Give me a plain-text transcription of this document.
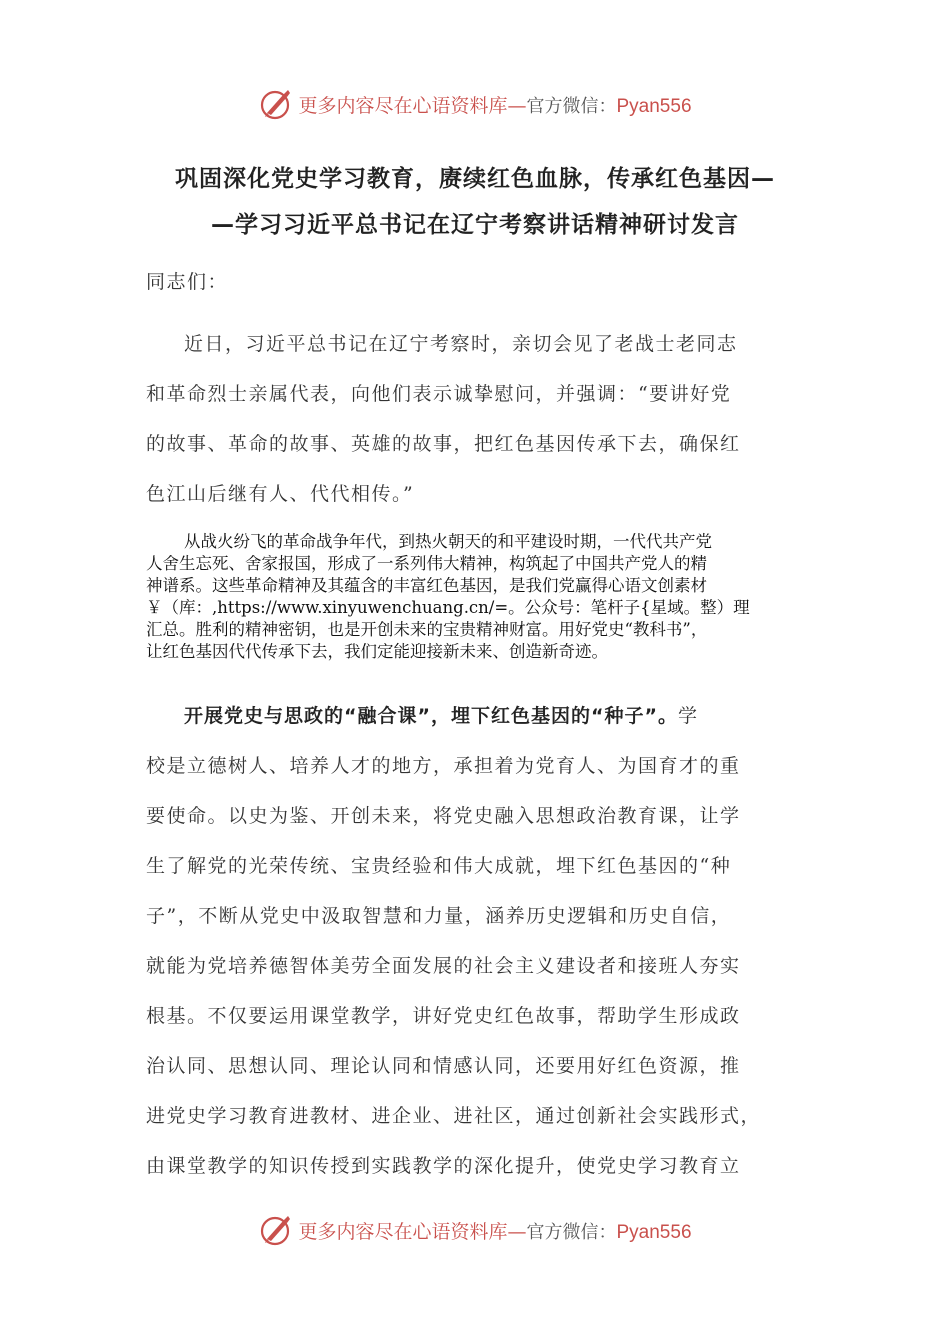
更多内容尽在心语资料库—官方微信：Pyan556
巩固深化党史学习教育，赓续红色血脉，传承红色基因—
—学习习近平总书记在辽宁考察讲话精神研讨发言
同志们：
近日，习近平总书记在辽宁考察时，亲切会见了老战士老同志
和革命烈士亲属代表，向他们表示诚挚慰问，并强调：“要讲好党
的故事、革命的故事、英雄的故事，把红色基因传承下去，确保红
色江山后继有人、代代相传。”
从战火纷飞的革命战争年代，到热火朝天的和平建设时期，一代代共产党
人舍生忘死、舍家报国，形成了一系列伟大精神，构筑起了中国共产党人的精
神谱系。这些革命精神及其蕴含的丰富红色基因，是我们党赢得心语文创素材
￥（库：,https://www.xinyuwenchuang.cn/=。公众号：笔杆子{星域。整）理
汇总。胜利的精神密钥，也是开创未来的宝贵精神财富。用好党史“教科书”，
让红色基因代代传承下去，我们定能迎接新未来、创造新奇迹。
开展党史与思政的“融合课”，埋下红色基因的“种子”。学
校是立德树人、培养人才的地方，承担着为党育人、为国育才的重
要使命。以史为鉴、开创未来，将党史融入思想政治教育课，让学
生了解党的光荣传统、宝贵经验和伟大成就，埋下红色基因的“种
子”，不断从党史中汲取智慧和力量，涵养历史逻辑和历史自信，
就能为党培养德智体美劳全面发展的社会主义建设者和接班人夯实
根基。不仅要运用课堂教学，讲好党史红色故事，帮助学生形成政
治认同、思想认同、理论认同和情感认同，还要用好红色资源，推
进党史学习教育进教材、进企业、进社区，通过创新社会实践形式，
由课堂教学的知识传授到实践教学的深化提升，使党史学习教育立
更多内容尽在心语资料库—官方微信：Pyan556
